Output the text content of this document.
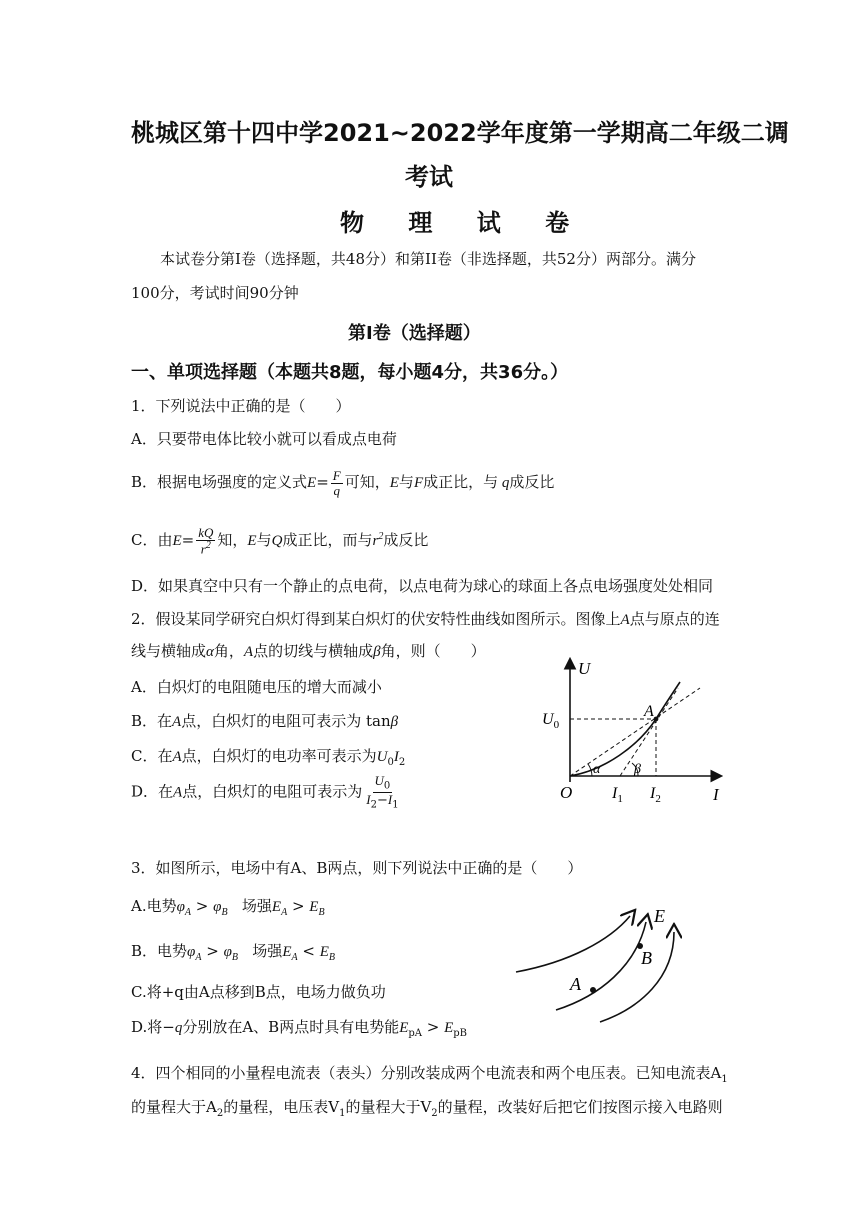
桃城区第十四中学2021~2022学年度第一学期高二年级二调
考试
物 理 试 卷
本试卷分第Ⅰ卷（选择题，共48分）和第II卷（非选择题，共52分）两部分。满分
100分，考试时间90分钟
第Ⅰ卷（选择题）
一、单项选择题（本题共8题，每小题4分，共36分。）
1．下列说法中正确的是（　　）
A．只要带电体比较小就可以看成点电荷
B．根据电场强度的定义式$E= \frac{F}{q}$ 可知，E与F成正比，与 q成反比
C．由$E= \frac{kQ}{r^2}$ 知，E与Q成正比，而与$r^2$成反比
D．如果真空中只有一个静止的点电荷，以点电荷为球心的球面上各点电场强度处处相同
2．假设某同学研究白炽灯得到某白炽灯的伏安特性曲线如图所示。图像上A点与原点的连
线与横轴成α角，A点的切线与横轴成β角，则（　　）
A．白炽灯的电阻随电压的增大而减小
B．在A点，白炽灯的电阻可表示为 tanβ
C．在A点，白炽灯的电功率可表示为$U_0I_2$
D．在A点，白炽灯的电阻可表示为 $\frac{U_0}{I_2-I_1}$
U
I
O
$U_0$
A
$I_1$ $I_2$
α β
3．如图所示，电场中有A、B两点，则下列说法中正确的是（　　）
A.电势$\varphi_A > \varphi_B$ 场强$E_A > E_B$
B．电势$\varphi_A > \varphi_B$ 场强$E_A < E_B$
C.将+q由A点移到B点，电场力做负功
D.将−q分别放在A、B两点时具有电势能$E_{pA} > E_{pB}$
E
A
B
4．四个相同的小量程电流表（表头）分别改装成两个电流表和两个电压表。已知电流表$A_1$
的量程大于$A_2$的量程，电压表$V_1$的量程大于$V_2$的量程，改装好后把它们按图示接入电路则
